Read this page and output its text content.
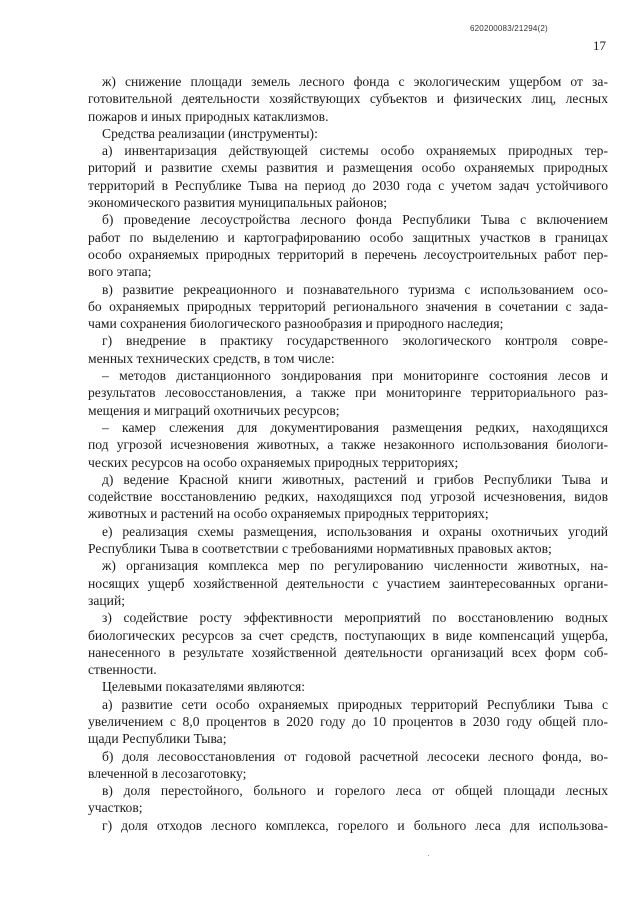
620200083/21294(2)
17
ж) снижение площади земель лесного фонда с экологическим ущербом от за-
готовительной деятельности хозяйствующих субъектов и физических лиц, лесных
пожаров и иных природных катаклизмов.
Средства реализации (инструменты):
а) инвентаризация действующей системы особо охраняемых природных тер-
риторий и развитие схемы развития и размещения особо охраняемых природных
территорий в Республике Тыва на период до 2030 года с учетом задач устойчивого
экономического развития муниципальных районов;
б) проведение лесоустройства лесного фонда Республики Тыва с включением
работ по выделению и картографированию особо защитных участков в границах
особо охраняемых природных территорий в перечень лесоустроительных работ пер-
вого этапа;
в) развитие рекреационного и познавательного туризма с использованием осо-
бо охраняемых природных территорий регионального значения в сочетании с зада-
чами сохранения биологического разнообразия и природного наследия;
г) внедрение в практику государственного экологического контроля совре-
менных технических средств, в том числе:
– методов дистанционного зондирования при мониторинге состояния лесов и
результатов лесовосстановления, а также при мониторинге территориального раз-
мещения и миграций охотничьих ресурсов;
– камер слежения для документирования размещения редких, находящихся
под угрозой исчезновения животных, а также незаконного использования биологи-
ческих ресурсов на особо охраняемых природных территориях;
д) ведение Красной книги животных, растений и грибов Республики Тыва и
содействие восстановлению редких, находящихся под угрозой исчезновения, видов
животных и растений на особо охраняемых природных территориях;
е) реализация схемы размещения, использования и охраны охотничьих угодий
Республики Тыва в соответствии с требованиями нормативных правовых актов;
ж) организация комплекса мер по регулированию численности животных, на-
носящих ущерб хозяйственной деятельности с участием заинтересованных органи-
заций;
з) содействие росту эффективности мероприятий по восстановлению водных
биологических ресурсов за счет средств, поступающих в виде компенсаций ущерба,
нанесенного в результате хозяйственной деятельности организаций всех форм соб-
ственности.
Целевыми показателями являются:
а) развитие сети особо охраняемых природных территорий Республики Тыва с
увеличением с 8,0 процентов в 2020 году до 10 процентов в 2030 году общей пло-
щади Республики Тыва;
б) доля лесовосстановления от годовой расчетной лесосеки лесного фонда, во-
влеченной в лесозаготовку;
в) доля перестойного, больного и горелого леса от общей площади лесных
участков;
г) доля отходов лесного комплекса, горелого и больного леса для использова-
